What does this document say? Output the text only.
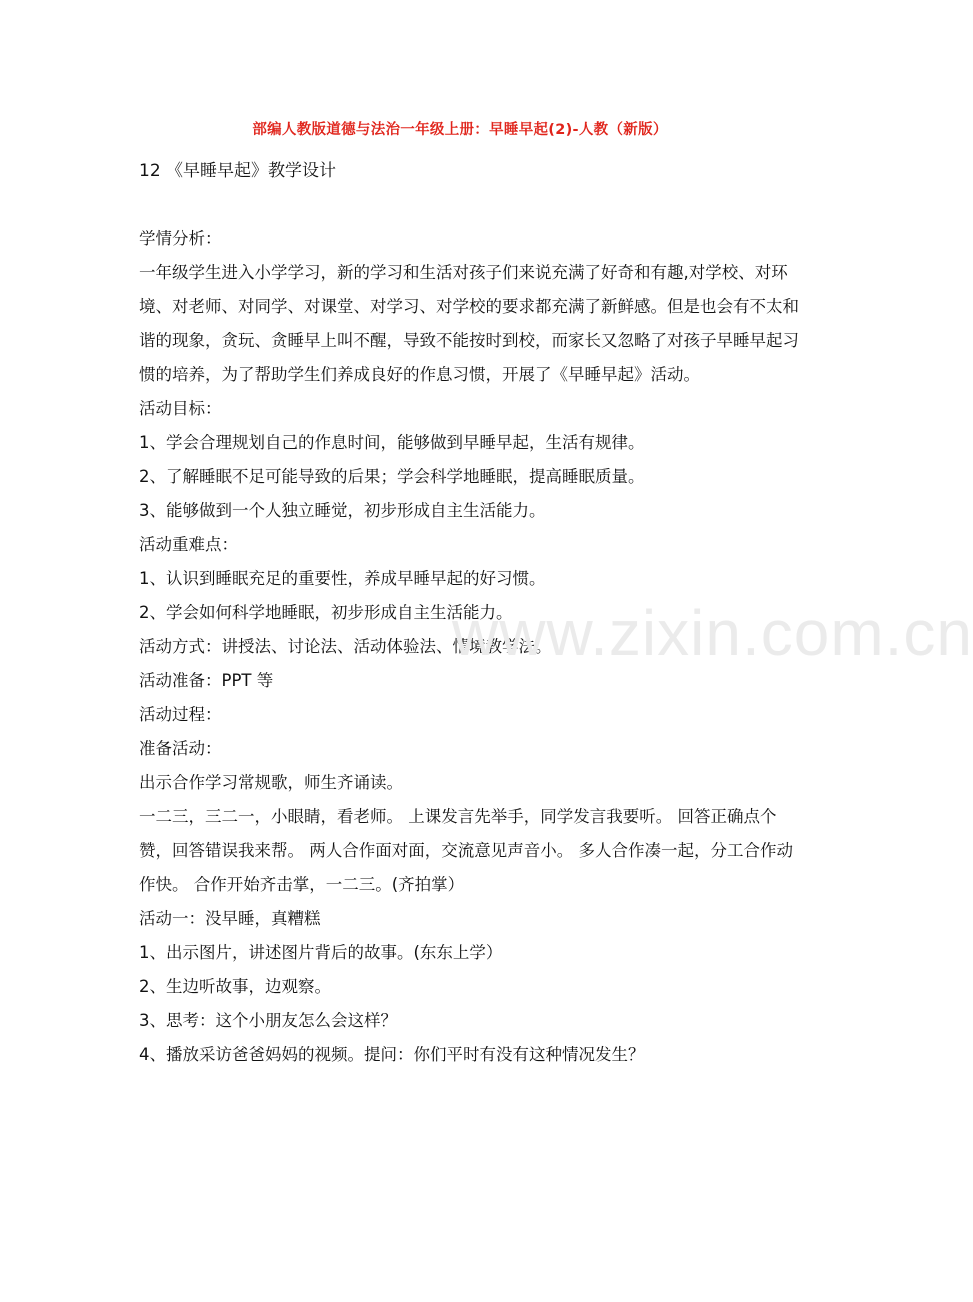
部编人教版道德与法治一年级上册：早睡早起(2)-人教（新版）
12 《早睡早起》教学设计

学情分析：

一年级学生进入小学学习，新的学习和生活对孩子们来说充满了好奇和有趣,对学校、对环境、对老师、对同学、对课堂、对学习、对学校的要求都充满了新鲜感。但是也会有不太和谐的现象，贪玩、贪睡早上叫不醒，导致不能按时到校，而家长又忽略了对孩子早睡早起习惯的培养，为了帮助学生们养成良好的作息习惯，开展了《早睡早起》活动。

活动目标：

1、学会合理规划自己的作息时间，能够做到早睡早起，生活有规律。

2、了解睡眠不足可能导致的后果；学会科学地睡眠，提高睡眠质量。

3、能够做到一个人独立睡觉，初步形成自主生活能力。

活动重难点：

1、认识到睡眠充足的重要性，养成早睡早起的好习惯。

2、学会如何科学地睡眠，初步形成自主生活能力。

活动方式：讲授法、讨论法、活动体验法、情境教学法。

活动准备：PPT 等

活动过程：

准备活动：

出示合作学习常规歌，师生齐诵读。

一二三，三二一，小眼睛，看老师。 上课发言先举手，同学发言我要听。 回答正确点个赞，回答错误我来帮。 两人合作面对面，交流意见声音小。 多人合作凑一起，分工合作动作快。 合作开始齐击掌，一二三。(齐拍掌）

活动一：没早睡，真糟糕

1、出示图片，讲述图片背后的故事。(东东上学）

2、生边听故事，边观察。

3、思考：这个小朋友怎么会这样？

4、播放采访爸爸妈妈的视频。提问：你们平时有没有这种情况发生？

www.zixin.com.cn
